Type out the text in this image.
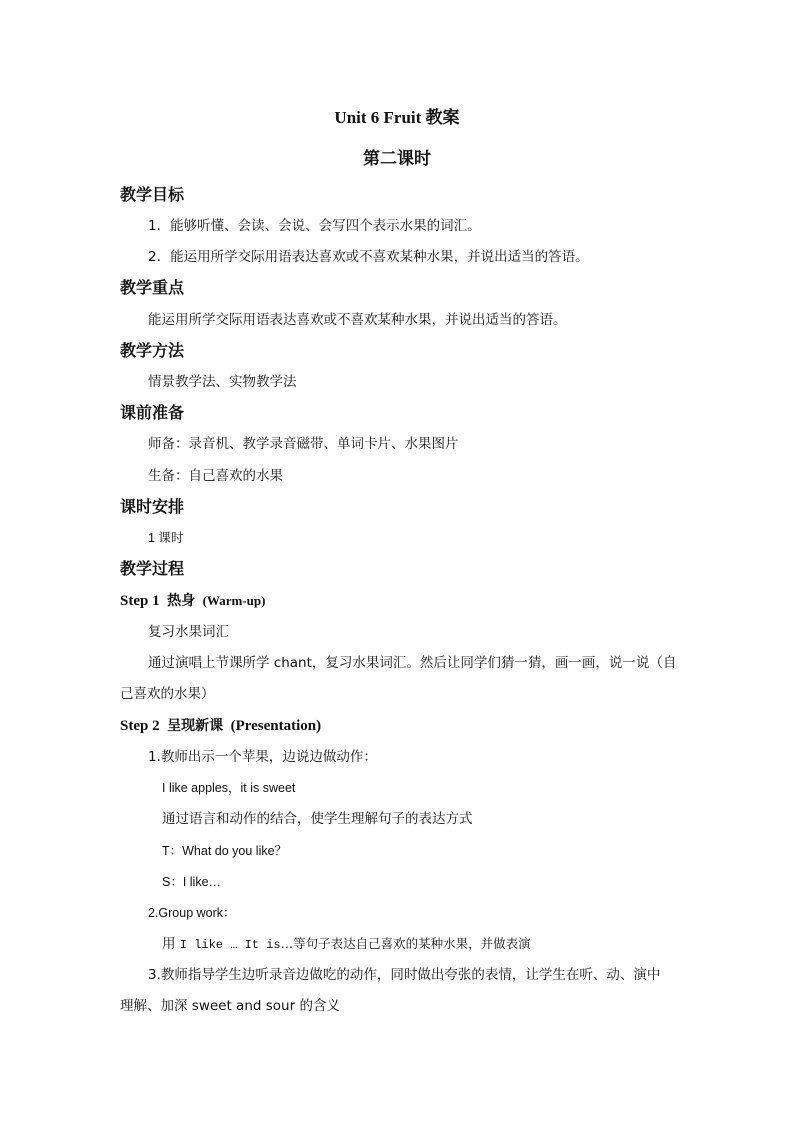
Unit 6 Fruit 教案
第二课时
教学目标
1．能够听懂、会读、会说、会写四个表示水果的词汇。
2．能运用所学交际用语表达喜欢或不喜欢某种水果，并说出适当的答语。
教学重点
能运用所学交际用语表达喜欢或不喜欢某种水果，并说出适当的答语。
教学方法
情景教学法、实物教学法
课前准备
师备：录音机、教学录音磁带、单词卡片、水果图片
生备：自己喜欢的水果
课时安排
1 课时
教学过程
Step 1 热身 (Warm-up)
复习水果词汇
通过演唱上节课所学 chant，复习水果词汇。然后让同学们猜一猜，画一画，说一说（自
己喜欢的水果）
Step 2 呈现新课 (Presentation)
1.教师出示一个苹果，边说边做动作：
I like apples，it is sweet
通过语言和动作的结合，使学生理解句子的表达方式
T：What do you like？
S：I like…
2.Group work：
用 I like … It is…等句子表达自己喜欢的某种水果，并做表演
3.教师指导学生边听录音边做吃的动作，同时做出夸张的表情，让学生在听、动、演中
理解、加深 sweet and sour 的含义
